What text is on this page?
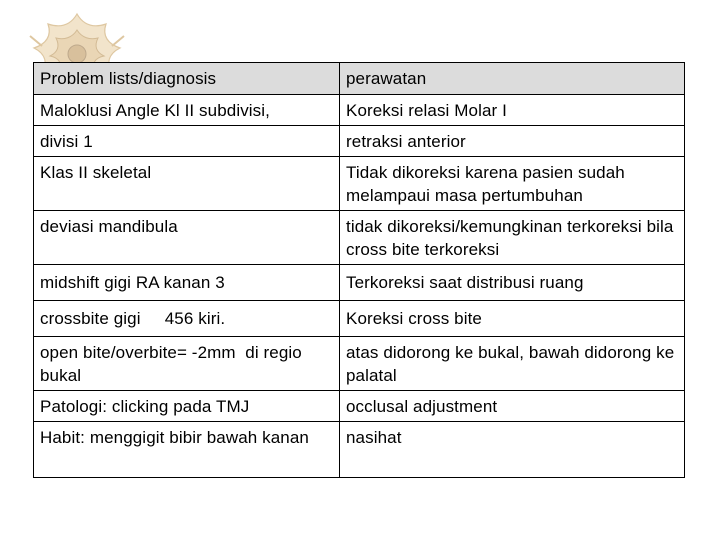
Problem lists/diagnosis	perawatan
Maloklusi Angle Kl II subdivisi,	Koreksi relasi Molar I
divisi 1	retraksi anterior
Klas II skeletal	Tidak dikoreksi karena pasien sudah melampaui masa pertumbuhan
deviasi mandibula	tidak dikoreksi/kemungkinan terkoreksi bila cross bite terkoreksi
midshift gigi RA kanan 3	Terkoreksi saat distribusi ruang
crossbite gigi     456 kiri.	Koreksi cross bite
open bite/overbite= -2mm  di regio  bukal	atas didorong ke bukal, bawah didorong ke palatal
Patologi: clicking pada TMJ	occlusal adjustment
Habit: menggigit bibir bawah kanan	nasihat
